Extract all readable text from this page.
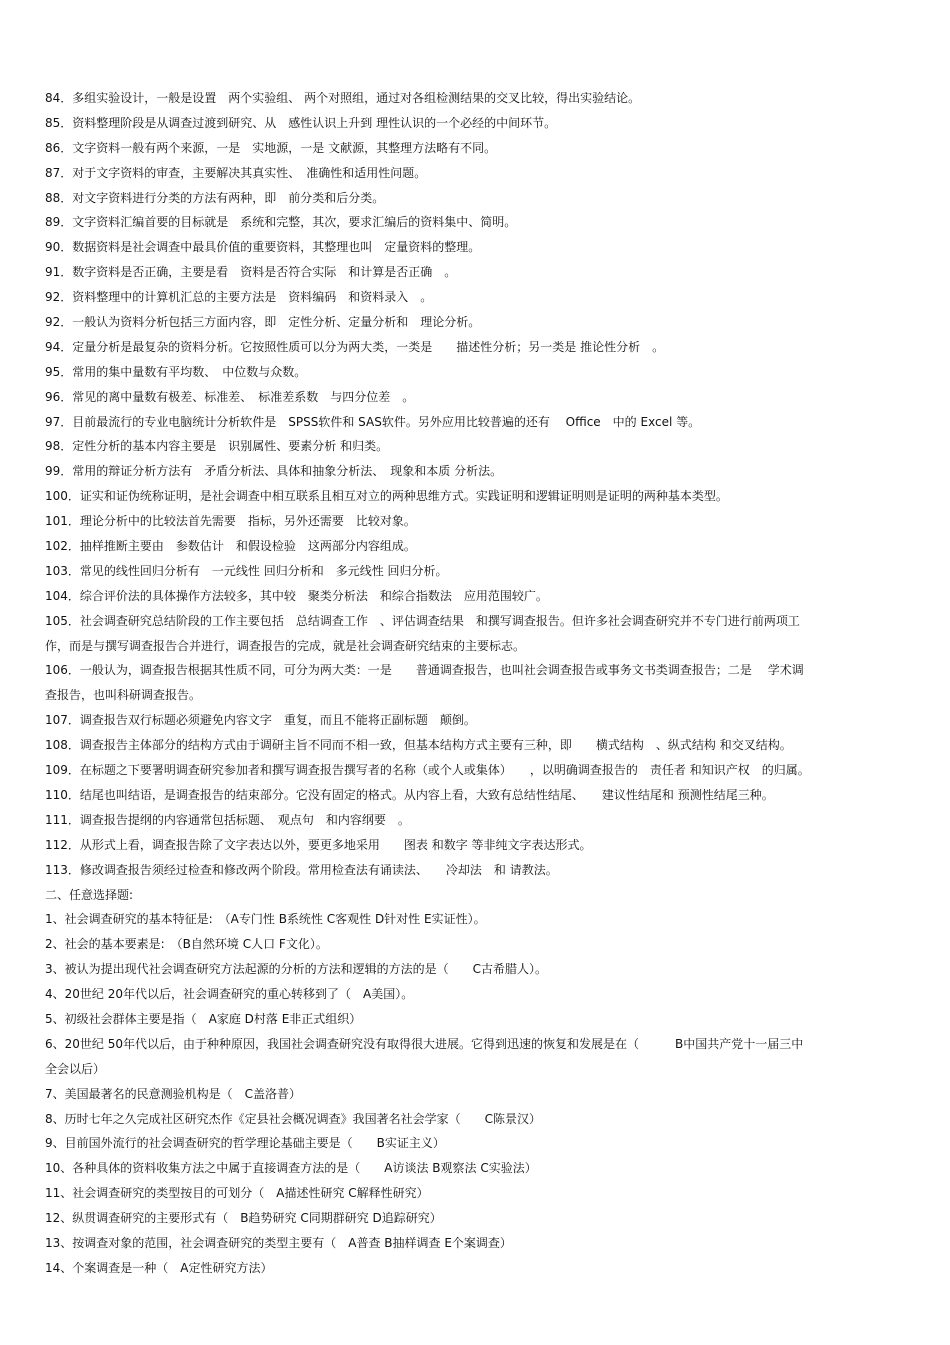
84．多组实验设计，一般是设置　两个实验组、 两个对照组，通过对各组检测结果的交叉比较，得出实验结论。
85．资料整理阶段是从调查过渡到研究、从　感性认识上升到 理性认识的一个必经的中间环节。
86．文字资料一般有两个来源，一是　实地源，一是 文献源，其整理方法略有不同。
87．对于文字资料的审查，主要解决其真实性、　准确性和适用性问题。
88．对文字资料进行分类的方法有两种，即　前分类和后分类。
89．文字资料汇编首要的目标就是　系统和完整，其次，要求汇编后的资料集中、简明。
90．数据资料是社会调查中最具价值的重要资料，其整理也叫　定量资料的整理。
91．数字资料是否正确，主要是看　资料是否符合实际　和计算是否正确　。
92．资料整理中的计算机汇总的主要方法是　资料编码　和资料录入　。
92．一般认为资料分析包括三方面内容，即　定性分析、定量分析和　理论分析。
94．定量分析是最复杂的资料分析。它按照性质可以分为两大类，一类是　　描述性分析；另一类是 推论性分析　。
95．常用的集中量数有平均数、　中位数与众数。
96．常见的离中量数有极差、标准差、　标准差系数　与四分位差　。
97．目前最流行的专业电脑统计分析软件是　SPSS软件和 SAS软件。另外应用比较普遍的还有　 Office　中的 Excel 等。
98．定性分析的基本内容主要是　识别属性、要素分析 和归类。
99．常用的辩证分析方法有　矛盾分析法、具体和抽象分析法、　现象和本质 分析法。
100．证实和证伪统称证明，是社会调查中相互联系且相互对立的两种思维方式。实践证明和逻辑证明则是证明的两种基本类型。
101．理论分析中的比较法首先需要　指标，另外还需要　比较对象。
102．抽样推断主要由　参数估计　和假设检验　这两部分内容组成。
103．常见的线性回归分析有　一元线性 回归分析和　多元线性 回归分析。
104．综合评价法的具体操作方法较多，其中较　聚类分析法　和综合指数法　应用范围较广。
105．社会调查研究总结阶段的工作主要包括　总结调查工作　、评估调查结果　和撰写调查报告。但许多社会调查研究并不专门进行前两项工
作，而是与撰写调查报告合并进行，调查报告的完成，就是社会调查研究结束的主要标志。
106．一般认为，调查报告根据其性质不同，可分为两大类：一是　　普通调查报告，也叫社会调查报告或事务文书类调查报告；二是　 学术调
查报告，也叫科研调查报告。
107．调查报告双行标题必须避免内容文字　重复，而且不能将正副标题　颠倒。
108．调查报告主体部分的结构方式由于调研主旨不同而不相一致，但基本结构方式主要有三种，即　　横式结构　、纵式结构 和交叉结构。
109．在标题之下要署明调查研究参加者和撰写调查报告撰写者的名称（或个人或集体）　　，以明确调查报告的　责任者 和知识产权　的归属。
110．结尾也叫结语，是调查报告的结束部分。它没有固定的格式。从内容上看，大致有总结性结尾、　　建议性结尾和 预测性结尾三种。
111．调查报告提纲的内容通常包括标题、　观点句　和内容纲要　。
112．从形式上看，调查报告除了文字表达以外，要更多地采用　　图表 和数字 等非纯文字表达形式。
113．修改调查报告须经过检查和修改两个阶段。常用检查法有诵读法、　　冷却法　和 请教法。
二、任意选择题:
1、社会调查研究的基本特征是:　（A专门性 B系统性 C客观性 D针对性 E实证性）。
2、社会的基本要素是:　（B自然环境 C人口 F文化）。
3、被认为提出现代社会调查研究方法起源的分析的方法和逻辑的方法的是（　　C古希腊人）。
4、20世纪 20年代以后，社会调查研究的重心转移到了（　A美国）。
5、初级社会群体主要是指（　A家庭 D村落 E非正式组织）
6、20世纪 50年代以后，由于种种原因，我国社会调查研究没有取得很大进展。它得到迅速的恢复和发展是在（　　　B中国共产党十一届三中
全会以后）
7、美国最著名的民意测验机构是（　C盖洛普）
8、历时七年之久完成社区研究杰作《定县社会概况调查》我国著名社会学家（　　C陈景汉）
9、目前国外流行的社会调查研究的哲学理论基础主要是（　　B实证主义）
10、各种具体的资料收集方法之中属于直接调查方法的是（　　A访谈法 B观察法 C实验法）
11、社会调查研究的类型按目的可划分（　A描述性研究 C解释性研究）
12、纵贯调查研究的主要形式有（　B趋势研究 C同期群研究 D追踪研究）
13、按调查对象的范围，社会调查研究的类型主要有（　A普查 B抽样调查 E个案调查）
14、个案调查是一种（　A定性研究方法）
